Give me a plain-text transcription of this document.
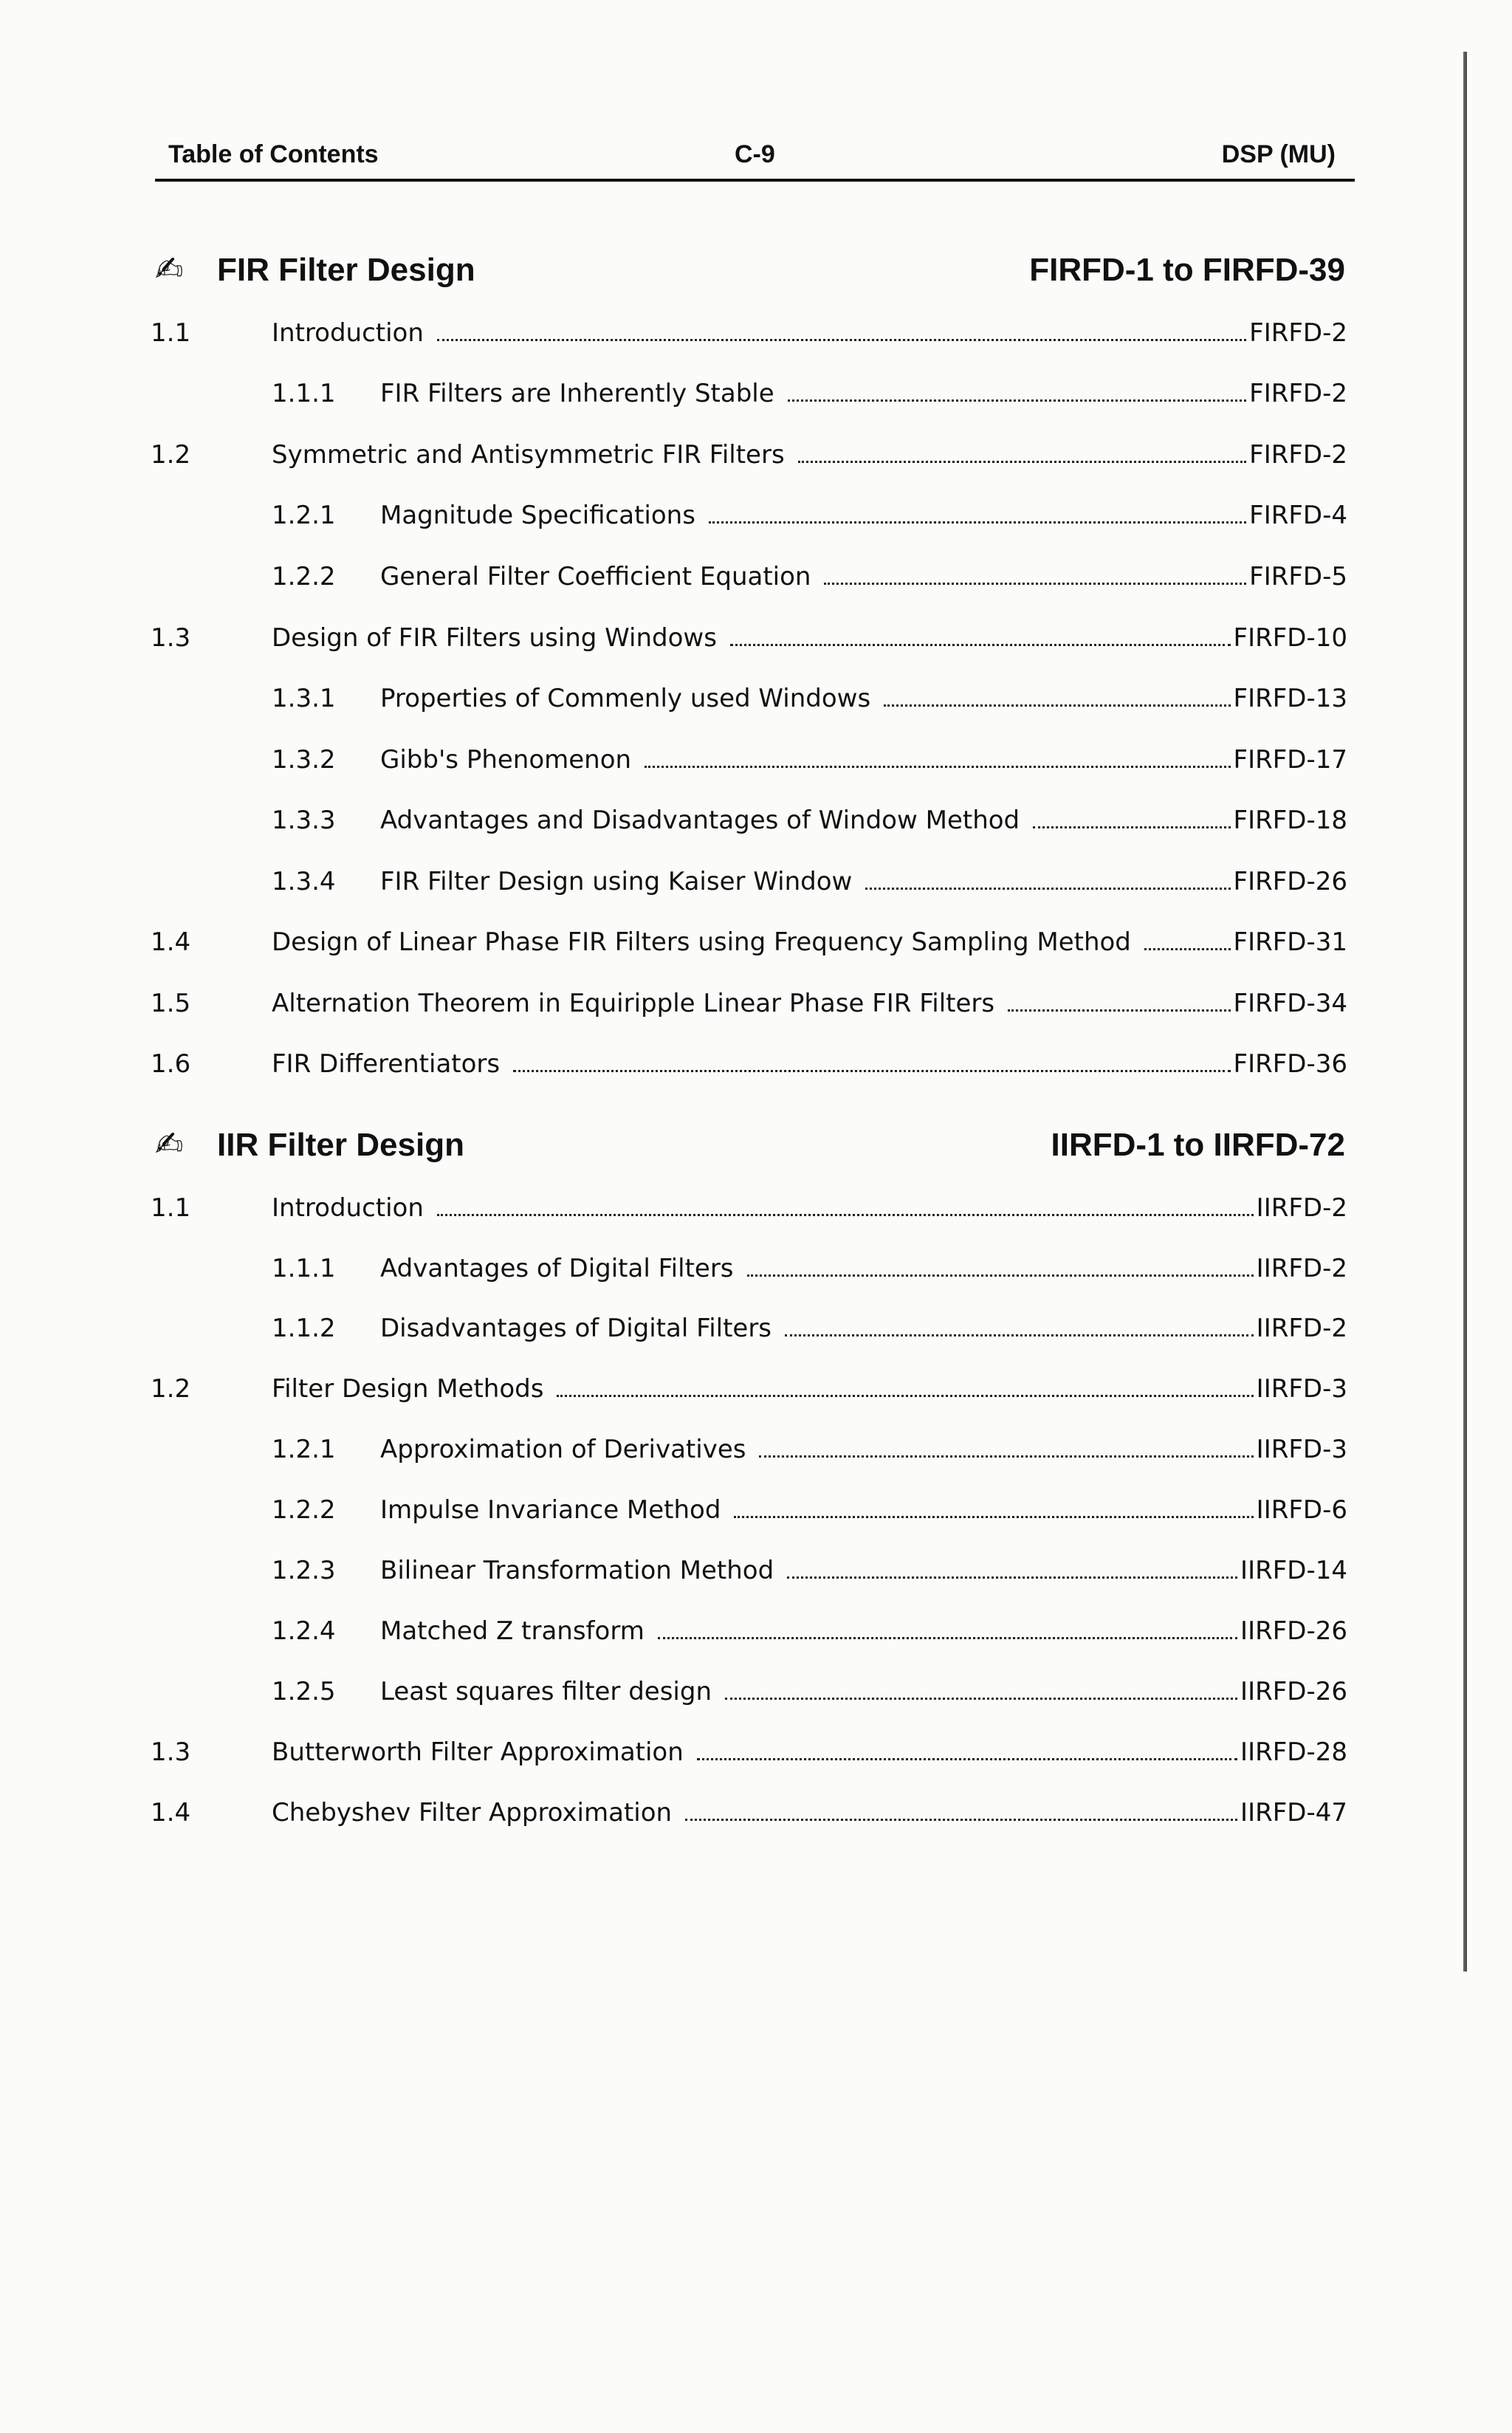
Table of Contents	C-9	DSP (MU)
✍ FIR Filter Design	FIRFD-1 to FIRFD-39
1.1	Introduction	FIRFD-2
1.1.1 FIR Filters are Inherently Stable	FIRFD-2
1.2	Symmetric and Antisymmetric FIR Filters	FIRFD-2
1.2.1 Magnitude Specifications	FIRFD-4
1.2.2 General Filter Coefficient Equation	FIRFD-5
1.3	Design of FIR Filters using Windows	FIRFD-10
1.3.1 Properties of Commenly used Windows	FIRFD-13
1.3.2 Gibb's Phenomenon	FIRFD-17
1.3.3 Advantages and Disadvantages of Window Method	FIRFD-18
1.3.4 FIR Filter Design using Kaiser Window	FIRFD-26
1.4	Design of Linear Phase FIR Filters using Frequency Sampling Method	FIRFD-31
1.5	Alternation Theorem in Equiripple Linear Phase FIR Filters	FIRFD-34
1.6	FIR Differentiators	FIRFD-36
✍ IIR Filter Design	IIRFD-1 to IIRFD-72
1.1	Introduction	IIRFD-2
1.1.1 Advantages of Digital Filters	IIRFD-2
1.1.2 Disadvantages of Digital Filters	IIRFD-2
1.2	Filter Design Methods	IIRFD-3
1.2.1 Approximation of Derivatives	IIRFD-3
1.2.2 Impulse Invariance Method	IIRFD-6
1.2.3 Bilinear Transformation Method	IIRFD-14
1.2.4 Matched Z transform	IIRFD-26
1.2.5 Least squares filter design	IIRFD-26
1.3	Butterworth Filter Approximation	IIRFD-28
1.4	Chebyshev Filter Approximation	IIRFD-47
